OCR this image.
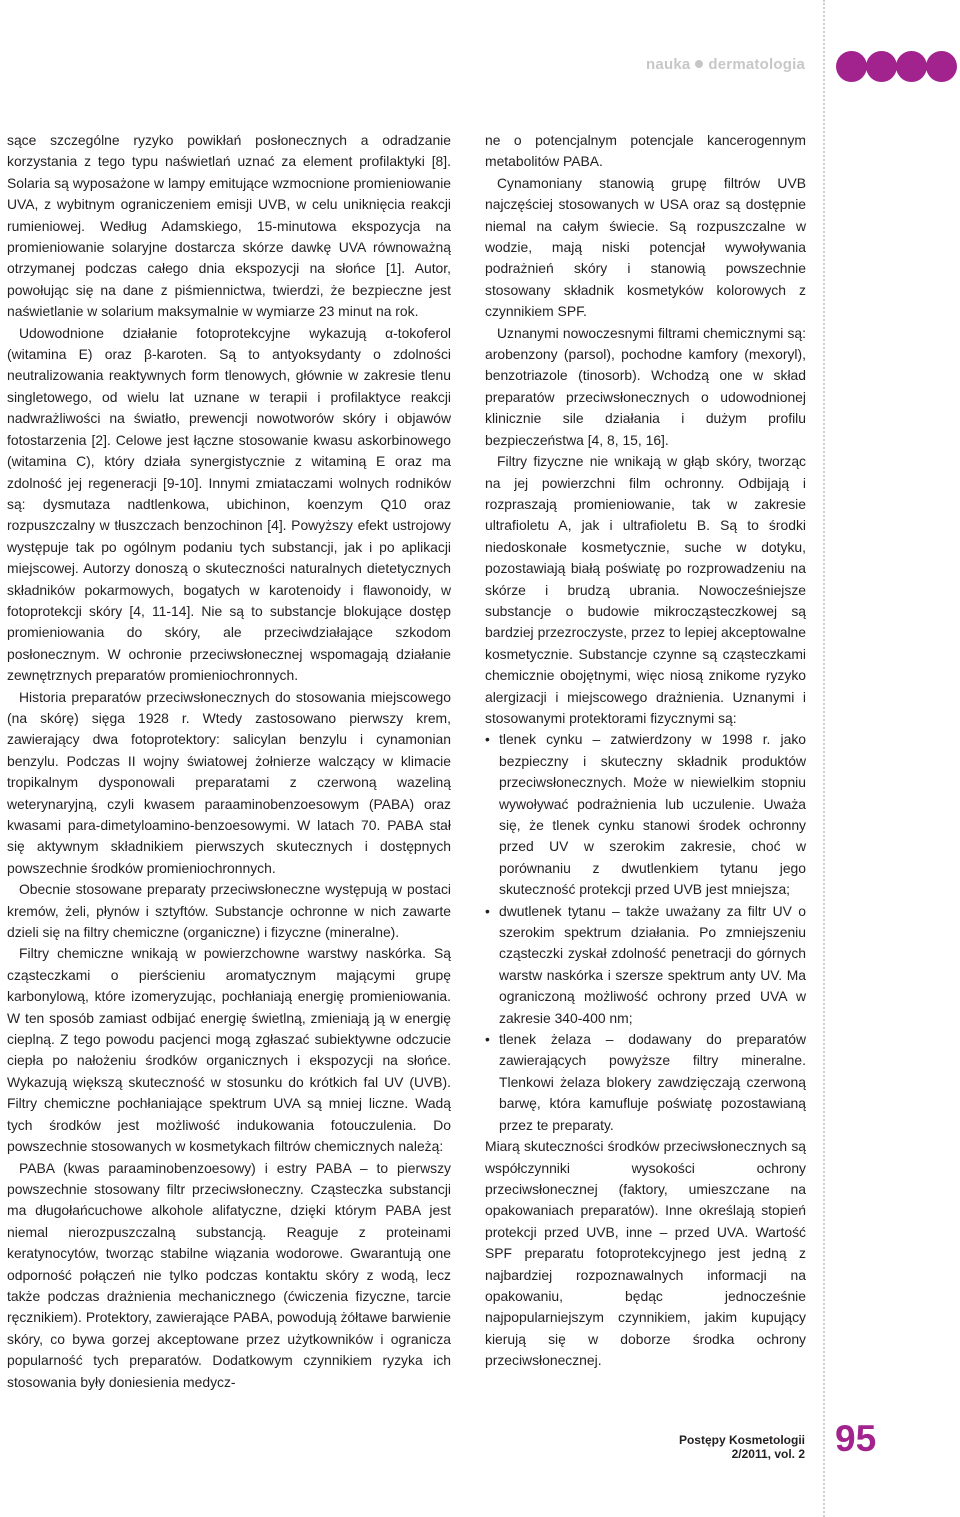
nauka dermatologia

sące szczególne ryzyko powikłań posłonecznych a odradzanie korzystania z tego typu naświetlań uznać za element profilaktyki [8]. Solaria są wyposażone w lampy emitujące wzmocnione promieniowanie UVA, z wybitnym ograniczeniem emisji UVB, w celu uniknięcia reakcji rumieniowej. Według Adamskiego, 15-minutowa ekspozycja na promieniowanie solaryjne dostarcza skórze dawkę UVA równoważną otrzymanej podczas całego dnia ekspozycji na słońce [1]. Autor, powołując się na dane z piśmiennictwa, twierdzi, że bezpieczne jest naświetlanie w solarium maksymalnie w wymiarze 23 minut na rok.

Udowodnione działanie fotoprotekcyjne wykazują α-tokoferol (witamina E) oraz β-karoten. Są to antyoksydanty o zdolności neutralizowania reaktywnych form tlenowych, głównie w zakresie tlenu singletowego, od wielu lat uznane w terapii i profilaktyce reakcji nadwrażliwości na światło, prewencji nowotworów skóry i objawów fotostarzenia [2]. Celowe jest łączne stosowanie kwasu askorbinowego (witamina C), który działa synergistycznie z witaminą E oraz ma zdolność jej regeneracji [9-10]. Innymi zmiataczami wolnych rodników są: dysmutaza nadtlenkowa, ubichinon, koenzym Q10 oraz rozpuszczalny w tłuszczach benzochinon [4]. Powyższy efekt ustrojowy występuje tak po ogólnym podaniu tych substancji, jak i po aplikacji miejscowej. Autorzy donoszą o skuteczności naturalnych dietetycznych składników pokarmowych, bogatych w karotenoidy i flawonoidy, w fotoprotekcji skóry [4, 11-14]. Nie są to substancje blokujące dostęp promieniowania do skóry, ale przeciwdziałające szkodom posłonecznym. W ochronie przeciwsłonecznej wspomagają działanie zewnętrznych preparatów promieniochronnych.

Historia preparatów przeciwsłonecznych do stosowania miejscowego (na skórę) sięga 1928 r. Wtedy zastosowano pierwszy krem, zawierający dwa fotoprotektory: salicylan benzylu i cynamonian benzylu. Podczas II wojny światowej żołnierze walczący w klimacie tropikalnym dysponowali preparatami z czerwoną wazeliną weterynaryjną, czyli kwasem paraaminobenzoesowym (PABA) oraz kwasami para-dimetyloamino-benzoesowymi. W latach 70. PABA stał się aktywnym składnikiem pierwszych skutecznych i dostępnych powszechnie środków promieniochronnych.

Obecnie stosowane preparaty przeciwsłoneczne występują w postaci kremów, żeli, płynów i sztyftów. Substancje ochronne w nich zawarte dzieli się na filtry chemiczne (organiczne) i fizyczne (mineralne).

Filtry chemiczne wnikają w powierzchowne warstwy naskórka. Są cząsteczkami o pierścieniu aromatycznym mającymi grupę karbonylową, które izomeryzując, pochłaniają energię promieniowania. W ten sposób zamiast odbijać energię świetlną, zmieniają ją w energię cieplną. Z tego powodu pacjenci mogą zgłaszać subiektywne odczucie ciepła po nałożeniu środków organicznych i ekspozycji na słońce. Wykazują większą skuteczność w stosunku do krótkich fal UV (UVB). Filtry chemiczne pochłaniające spektrum UVA są mniej liczne. Wadą tych środków jest możliwość indukowania fotouczulenia. Do powszechnie stosowanych w kosmetykach filtrów chemicznych należą:

PABA (kwas paraaminobenzoesowy) i estry PABA – to pierwszy powszechnie stosowany filtr przeciwsłoneczny. Cząsteczka substancji ma długołańcuchowe alkohole alifatyczne, dzięki którym PABA jest niemal nierozpuszczalną substancją. Reaguje z proteinami keratynocytów, tworząc stabilne wiązania wodorowe. Gwarantują one odporność połączeń nie tylko podczas kontaktu skóry z wodą, lecz także podczas drażnienia mechanicznego (ćwiczenia fizyczne, tarcie ręcznikiem). Protektory, zawierające PABA, powodują żółtawe barwienie skóry, co bywa gorzej akceptowane przez użytkowników i ogranicza popularność tych preparatów. Dodatkowym czynnikiem ryzyka ich stosowania były doniesienia medycz-

ne o potencjalnym potencjale kancerogennym metabolitów PABA.

Cynamoniany stanowią grupę filtrów UVB najczęściej stosowanych w USA oraz są dostępnie niemal na całym świecie. Są rozpuszczalne w wodzie, mają niski potencjał wywoływania podrażnień skóry i stanowią powszechnie stosowany składnik kosmetyków kolorowych z czynnikiem SPF.

Uznanymi nowoczesnymi filtrami chemicznymi są: arobenzony (parsol), pochodne kamfory (mexoryl), benzotriazole (tinosorb). Wchodzą one w skład preparatów przeciwsłonecznych o udowodnionej klinicznie sile działania i dużym profilu bezpieczeństwa [4, 8, 15, 16].

Filtry fizyczne nie wnikają w głąb skóry, tworząc na jej powierzchni film ochronny. Odbijają i rozpraszają promieniowanie, tak w zakresie ultrafioletu A, jak i ultrafioletu B. Są to środki niedoskonałe kosmetycznie, suche w dotyku, pozostawiają białą poświatę po rozprowadzeniu na skórze i brudzą ubrania. Nowocześniejsze substancje o budowie mikrocząsteczkowej są bardziej przezroczyste, przez to lepiej akceptowalne kosmetycznie. Substancje czynne są cząsteczkami chemicznie obojętnymi, więc niosą znikome ryzyko alergizacji i miejscowego drażnienia. Uznanymi i stosowanymi protektorami fizycznymi są:

• tlenek cynku – zatwierdzony w 1998 r. jako bezpieczny i skuteczny składnik produktów przeciwsłonecznych. Może w niewielkim stopniu wywoływać podrażnienia lub uczulenie. Uważa się, że tlenek cynku stanowi środek ochronny przed UV w szerokim zakresie, choć w porównaniu z dwutlenkiem tytanu jego skuteczność protekcji przed UVB jest mniejsza;
• dwutlenek tytanu – także uważany za filtr UV o szerokim spektrum działania. Po zmniejszeniu cząsteczki zyskał zdolność penetracji do górnych warstw naskórka i szersze spektrum anty UV. Ma ograniczoną możliwość ochrony przed UVA w zakresie 340-400 nm;
• tlenek żelaza – dodawany do preparatów zawierających powyższe filtry mineralne. Tlenkowi żelaza blokery zawdzięczają czerwoną barwę, która kamufluje poświatę pozostawianą przez te preparaty.

Miarą skuteczności środków przeciwsłonecznych są współczynniki wysokości ochrony przeciwsłonecznej (faktory, umieszczane na opakowaniach preparatów). Inne określają stopień protekcji przed UVB, inne – przed UVA. Wartość SPF preparatu fotoprotekcyjnego jest jedną z najbardziej rozpoznawalnych informacji na opakowaniu, będąc jednocześnie najpopularniejszym czynnikiem, jakim kupujący kierują się w doborze środka ochrony przeciwsłonecznej.

Postępy Kosmetologii 2/2011, vol. 2 95
